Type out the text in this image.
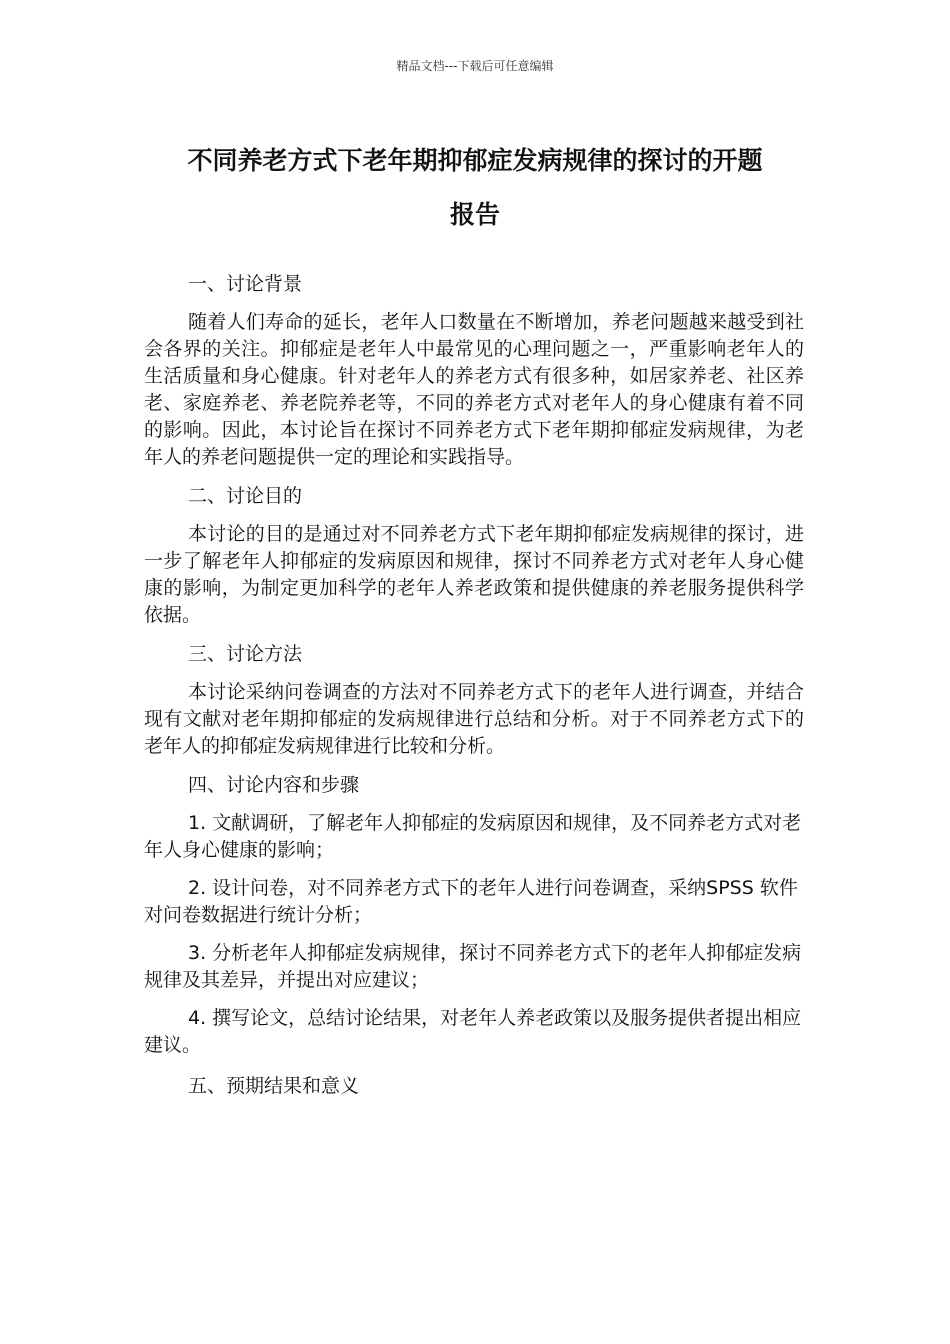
精品文档---下载后可任意编辑
不同养老方式下老年期抑郁症发病规律的探讨的开题
报告
一、讨论背景

随着人们寿命的延长，老年人口数量在不断增加，养老问题越来越受到社会各界的关注。抑郁症是老年人中最常见的心理问题之一，严重影响老年人的生活质量和身心健康。针对老年人的养老方式有很多种，如居家养老、社区养老、家庭养老、养老院养老等，不同的养老方式对老年人的身心健康有着不同的影响。因此，本讨论旨在探讨不同养老方式下老年期抑郁症发病规律，为老年人的养老问题提供一定的理论和实践指导。

二、讨论目的

本讨论的目的是通过对不同养老方式下老年期抑郁症发病规律的探讨，进一步了解老年人抑郁症的发病原因和规律，探讨不同养老方式对老年人身心健康的影响，为制定更加科学的老年人养老政策和提供健康的养老服务提供科学依据。

三、讨论方法

本讨论采纳问卷调查的方法对不同养老方式下的老年人进行调查，并结合现有文献对老年期抑郁症的发病规律进行总结和分析。对于不同养老方式下的老年人的抑郁症发病规律进行比较和分析。

四、讨论内容和步骤

1. 文献调研，了解老年人抑郁症的发病原因和规律，及不同养老方式对老年人身心健康的影响；

2. 设计问卷，对不同养老方式下的老年人进行问卷调查，采纳SPSS 软件对问卷数据进行统计分析；

3. 分析老年人抑郁症发病规律，探讨不同养老方式下的老年人抑郁症发病规律及其差异，并提出对应建议；

4. 撰写论文，总结讨论结果，对老年人养老政策以及服务提供者提出相应建议。

五、预期结果和意义
